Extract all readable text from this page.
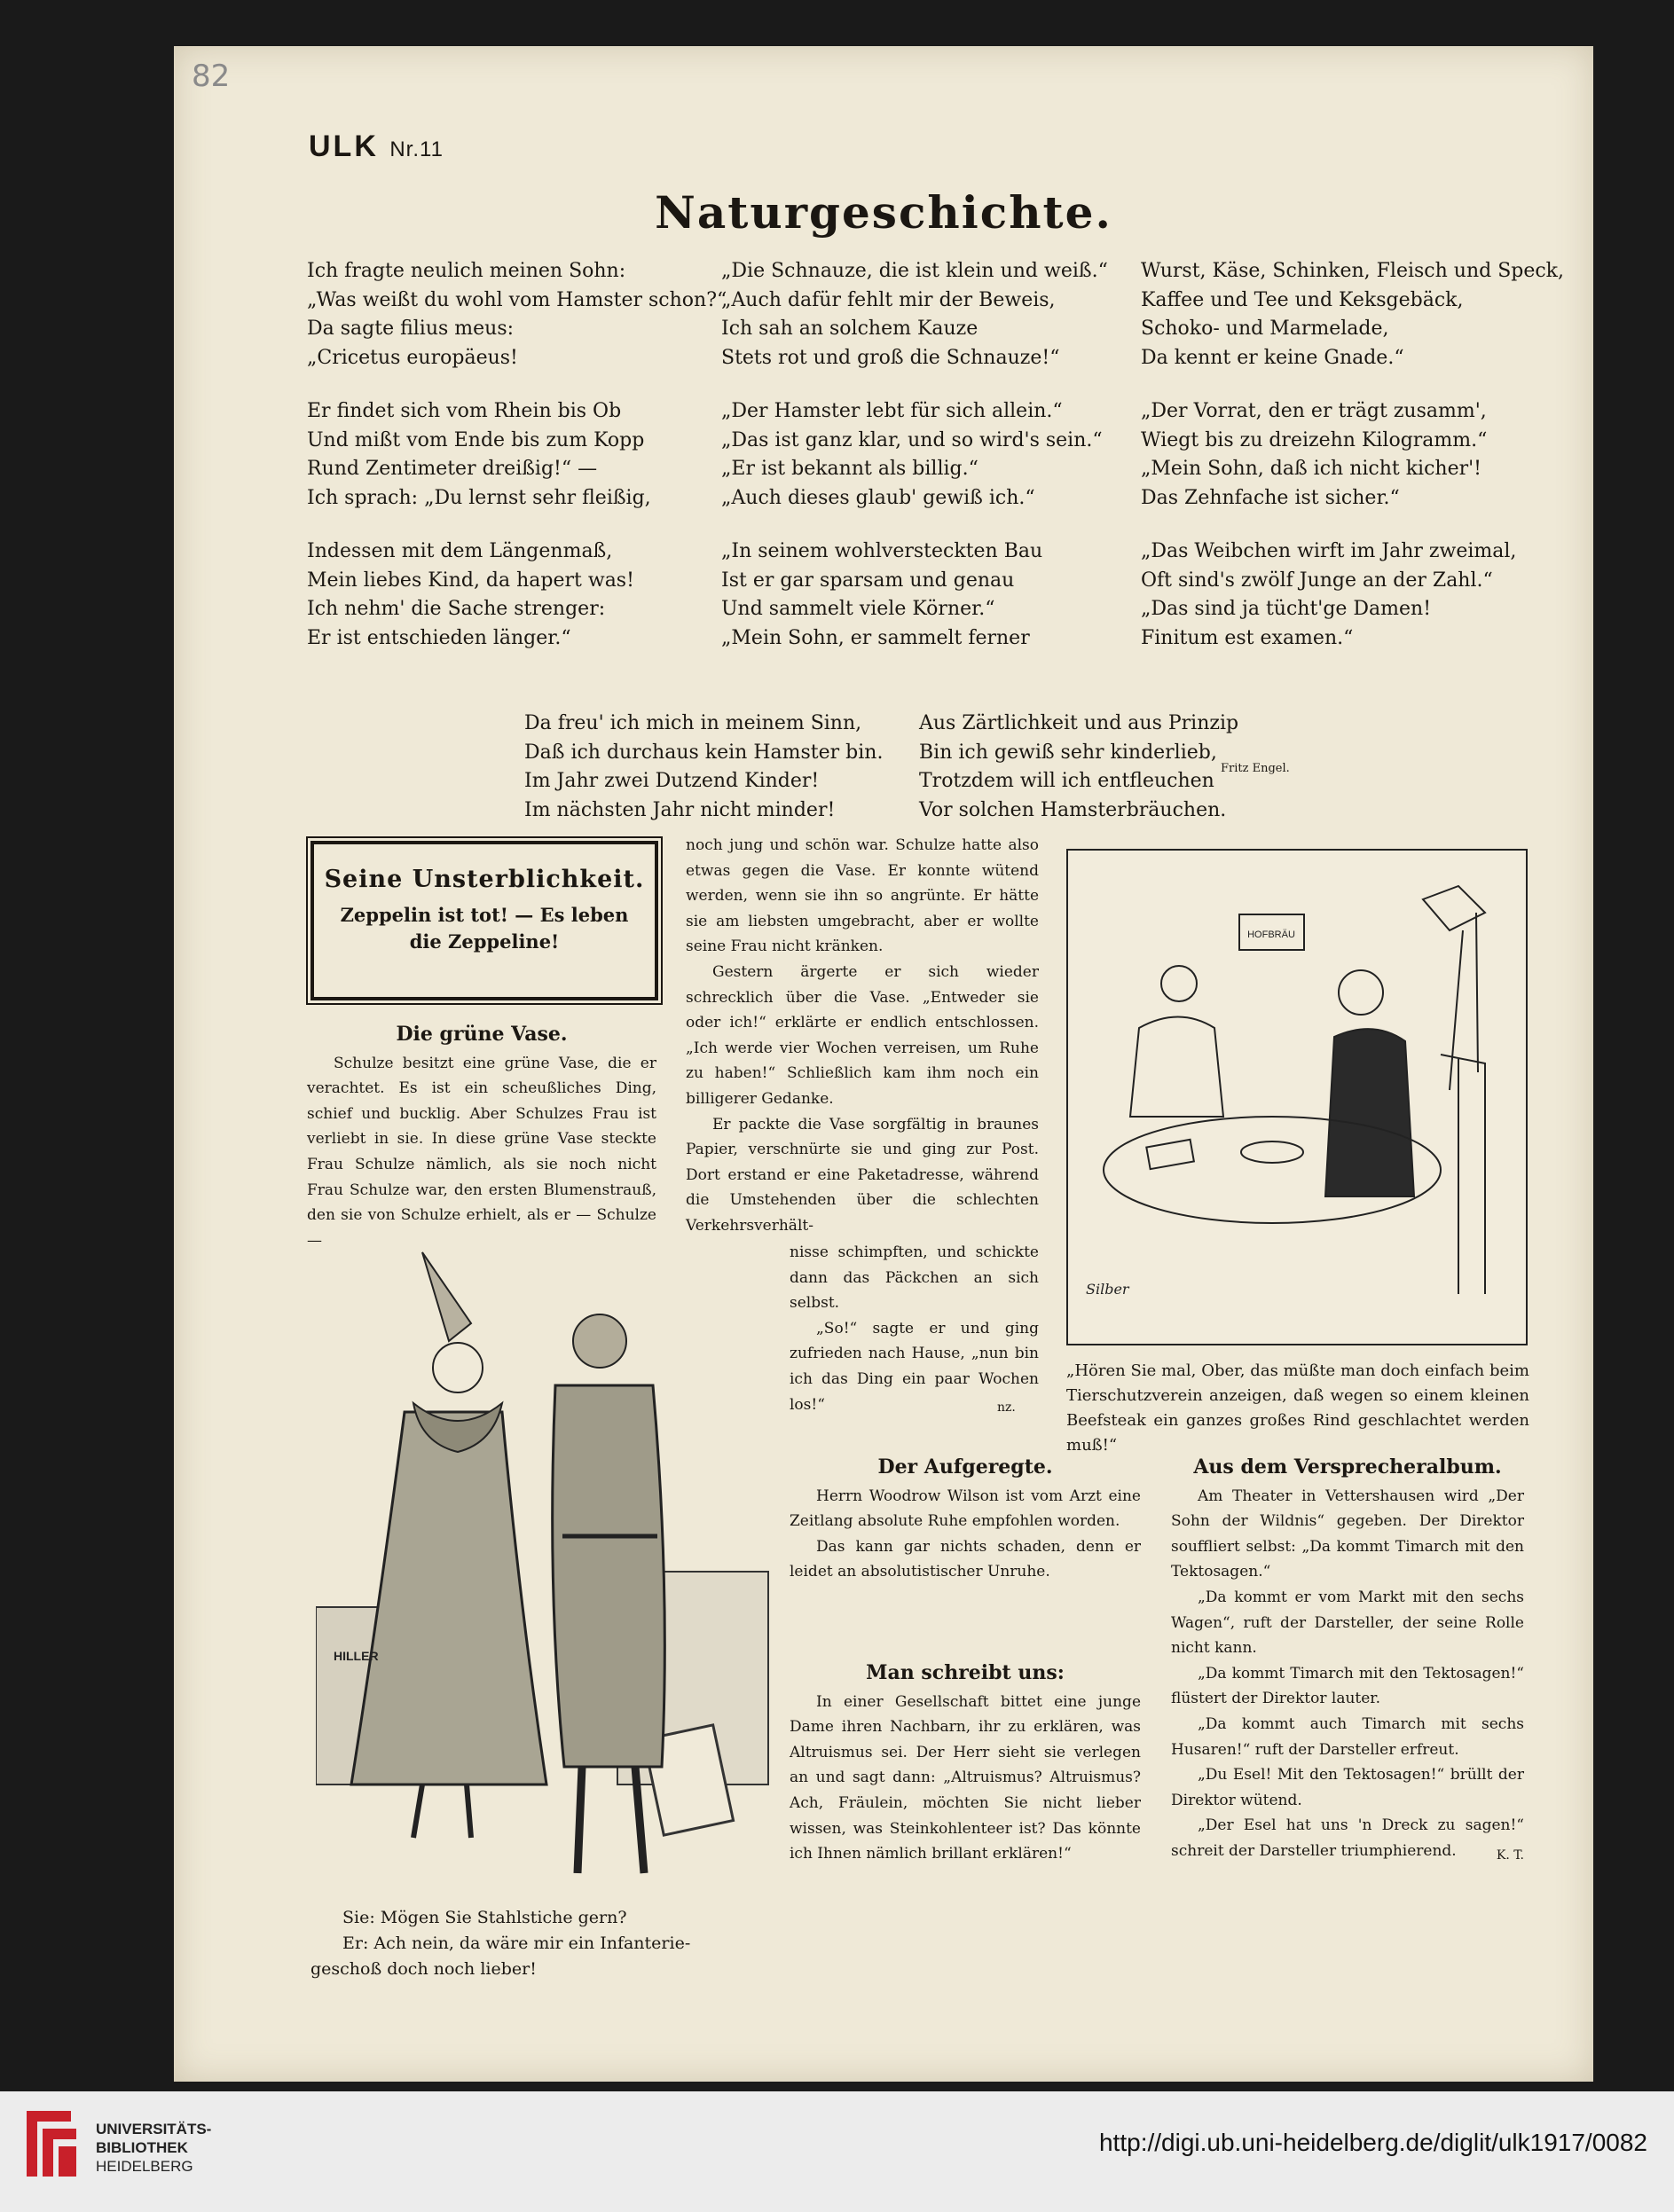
82
ULK Nr.11
Naturgeschichte.
Ich fragte neulich meinen Sohn:
„Was weißt du wohl vom Hamster schon?“
Da sagte filius meus:
„Cricetus europäeus!
Er findet sich vom Rhein bis Ob
Und mißt vom Ende bis zum Kopp
Rund Zentimeter dreißig!“ —
Ich sprach: „Du lernst sehr fleißig,
Indessen mit dem Längenmaß,
Mein liebes Kind, da hapert was!
Ich nehm' die Sache strenger:
Er ist entschieden länger.“
„Die Schnauze, die ist klein und weiß.“
„Auch dafür fehlt mir der Beweis,
Ich sah an solchem Kauze
Stets rot und groß die Schnauze!“
„Der Hamster lebt für sich allein.“
„Das ist ganz klar, und so wird's sein.“
„Er ist bekannt als billig.“
„Auch dieses glaub' gewiß ich.“
„In seinem wohlversteckten Bau
Ist er gar sparsam und genau
Und sammelt viele Körner.“
„Mein Sohn, er sammelt ferner
Wurst, Käse, Schinken, Fleisch und Speck,
Kaffee und Tee und Keksgebäck,
Schoko- und Marmelade,
Da kennt er keine Gnade.“
„Der Vorrat, den er trägt zusamm',
Wiegt bis zu dreizehn Kilogramm.“
„Mein Sohn, daß ich nicht kicher'!
Das Zehnfache ist sicher.“
„Das Weibchen wirft im Jahr zweimal,
Oft sind's zwölf Junge an der Zahl.“
„Das sind ja tücht'ge Damen!
Finitum est examen.“
Da freu' ich mich in meinem Sinn,
Daß ich durchaus kein Hamster bin.
Im Jahr zwei Dutzend Kinder!
Im nächsten Jahr nicht minder!
Aus Zärtlichkeit und aus Prinzip
Bin ich gewiß sehr kinderlieb,
Trotzdem will ich entfleuchen
Vor solchen Hamsterbräuchen.
Fritz Engel.
Seine Unsterblichkeit.
Zeppelin ist tot! — Es leben
die Zeppeline!
Die grüne Vase.

Schulze besitzt eine grüne Vase, die er verachtet. Es ist ein scheußliches Ding, schief und bucklig. Aber Schulzes Frau ist verliebt in sie. In diese grüne Vase steckte Frau Schulze nämlich, als sie noch nicht Frau Schulze war, den ersten Blumenstrauß, den sie von Schulze erhielt, als er — Schulze —

noch jung und schön war. Schulze hatte also etwas gegen die Vase. Er konnte wütend werden, wenn sie ihn so angrünte. Er hätte sie am liebsten umgebracht, aber er wollte seine Frau nicht kränken.

Gestern ärgerte er sich wieder schrecklich über die Vase. „Entweder sie oder ich!“ erklärte er endlich entschlossen. „Ich werde vier Wochen verreisen, um Ruhe zu haben!“ Schließlich kam ihm noch ein billigerer Gedanke.

Er packte die Vase sorgfältig in braunes Papier, verschnürte sie und ging zur Post. Dort erstand er eine Paketadresse, während die Umstehenden über die schlechten Verkehrsverhält-

nisse schimpften, und schickte dann das Päckchen an sich selbst.

„So!“ sagte er und ging zufrieden nach Hause, „nun bin ich das Ding ein paar Wochen los!“	nz.
HILLER
Sie: Mögen Sie Stahlstiche gern?
Er: Ach nein, da wäre mir ein Infanterie-
geschoß doch noch lieber!
HOFBRÄU
Silber
„Hören Sie mal, Ober, das müßte man doch einfach beim Tierschutzverein anzeigen, daß wegen so einem kleinen Beefsteak ein ganzes großes Rind geschlachtet werden muß!“
Der Aufgeregte.

Herrn Woodrow Wilson ist vom Arzt eine Zeitlang absolute Ruhe empfohlen worden.

Das kann gar nichts schaden, denn er leidet an absolutistischer Unruhe.

Man schreibt uns:

In einer Gesellschaft bittet eine junge Dame ihren Nachbarn, ihr zu erklären, was Altruismus sei. Der Herr sieht sie verlegen an und sagt dann: „Altruismus? Altruismus? Ach, Fräulein, möchten Sie nicht lieber wissen, was Steinkohlenteer ist? Das könnte ich Ihnen nämlich brillant erklären!“

Aus dem Versprecheralbum.

Am Theater in Vettershausen wird „Der Sohn der Wildnis“ gegeben. Der Direktor souffliert selbst: „Da kommt Timarch mit den Tektosagen.“

„Da kommt er vom Markt mit den sechs Wagen“, ruft der Darsteller, der seine Rolle nicht kann.

„Da kommt Timarch mit den Tektosagen!“ flüstert der Direktor lauter.

„Da kommt auch Timarch mit sechs Husaren!“ ruft der Darsteller erfreut.

„Du Esel! Mit den Tektosagen!“ brüllt der Direktor wütend.

„Der Esel hat uns 'n Dreck zu sagen!“ schreit der Darsteller triumphierend.	K. T.
UNIVERSITÄTS-
BIBLIOTHEK
HEIDELBERG
http://digi.ub.uni-heidelberg.de/diglit/ulk1917/0082
